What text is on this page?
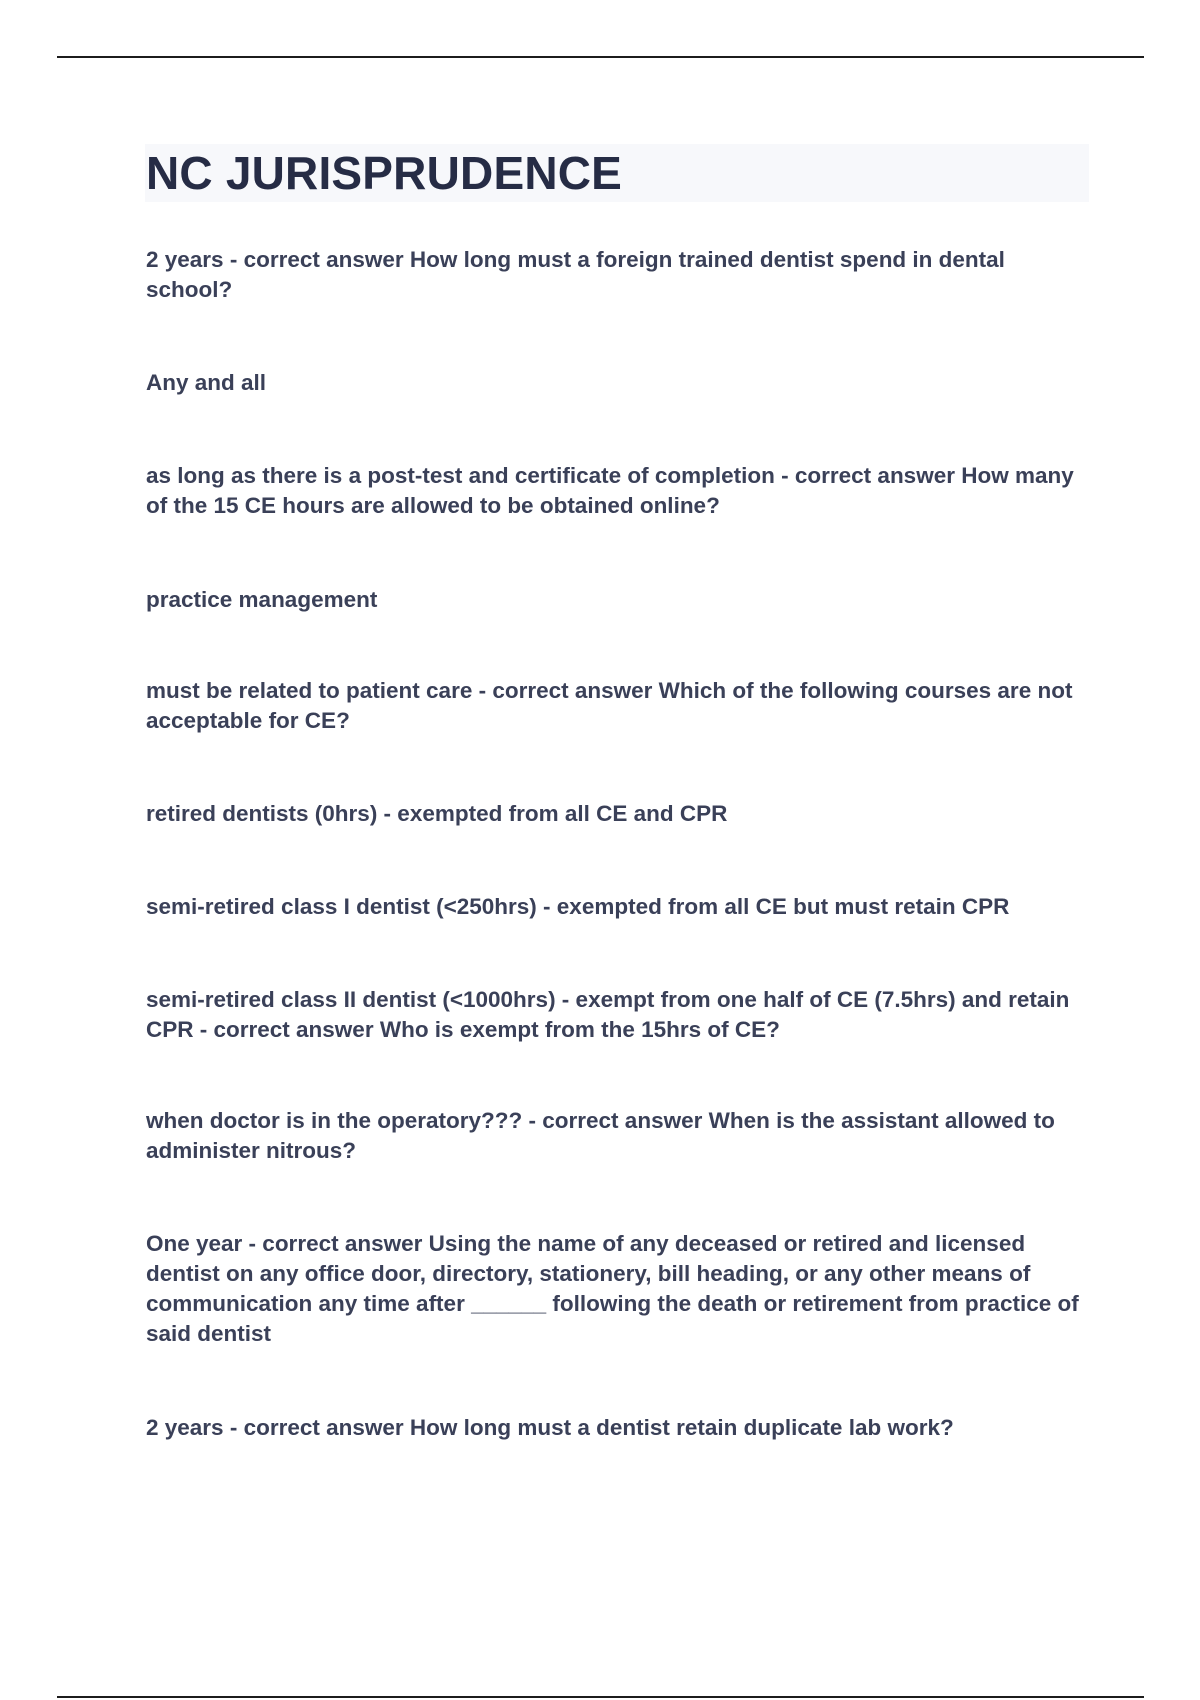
NC JURISPRUDENCE

2 years - correct answer How long must a foreign trained dentist spend in dental school?

Any and all

as long as there is a post-test and certificate of completion - correct answer How many of the 15 CE hours are allowed to be obtained online?

practice management

must be related to patient care - correct answer Which of the following courses are not acceptable for CE?

retired dentists (0hrs) - exempted from all CE and CPR

semi-retired class I dentist (<250hrs) - exempted from all CE but must retain CPR

semi-retired class II dentist (<1000hrs) - exempt from one half of CE (7.5hrs) and retain CPR - correct answer Who is exempt from the 15hrs of CE?

when doctor is in the operatory??? - correct answer When is the assistant allowed to administer nitrous?

One year - correct answer Using the name of any deceased or retired and licensed dentist on any office door, directory, stationery, bill heading, or any other means of communication any time after ______ following the death or retirement from practice of said dentist

2 years - correct answer How long must a dentist retain duplicate lab work?
